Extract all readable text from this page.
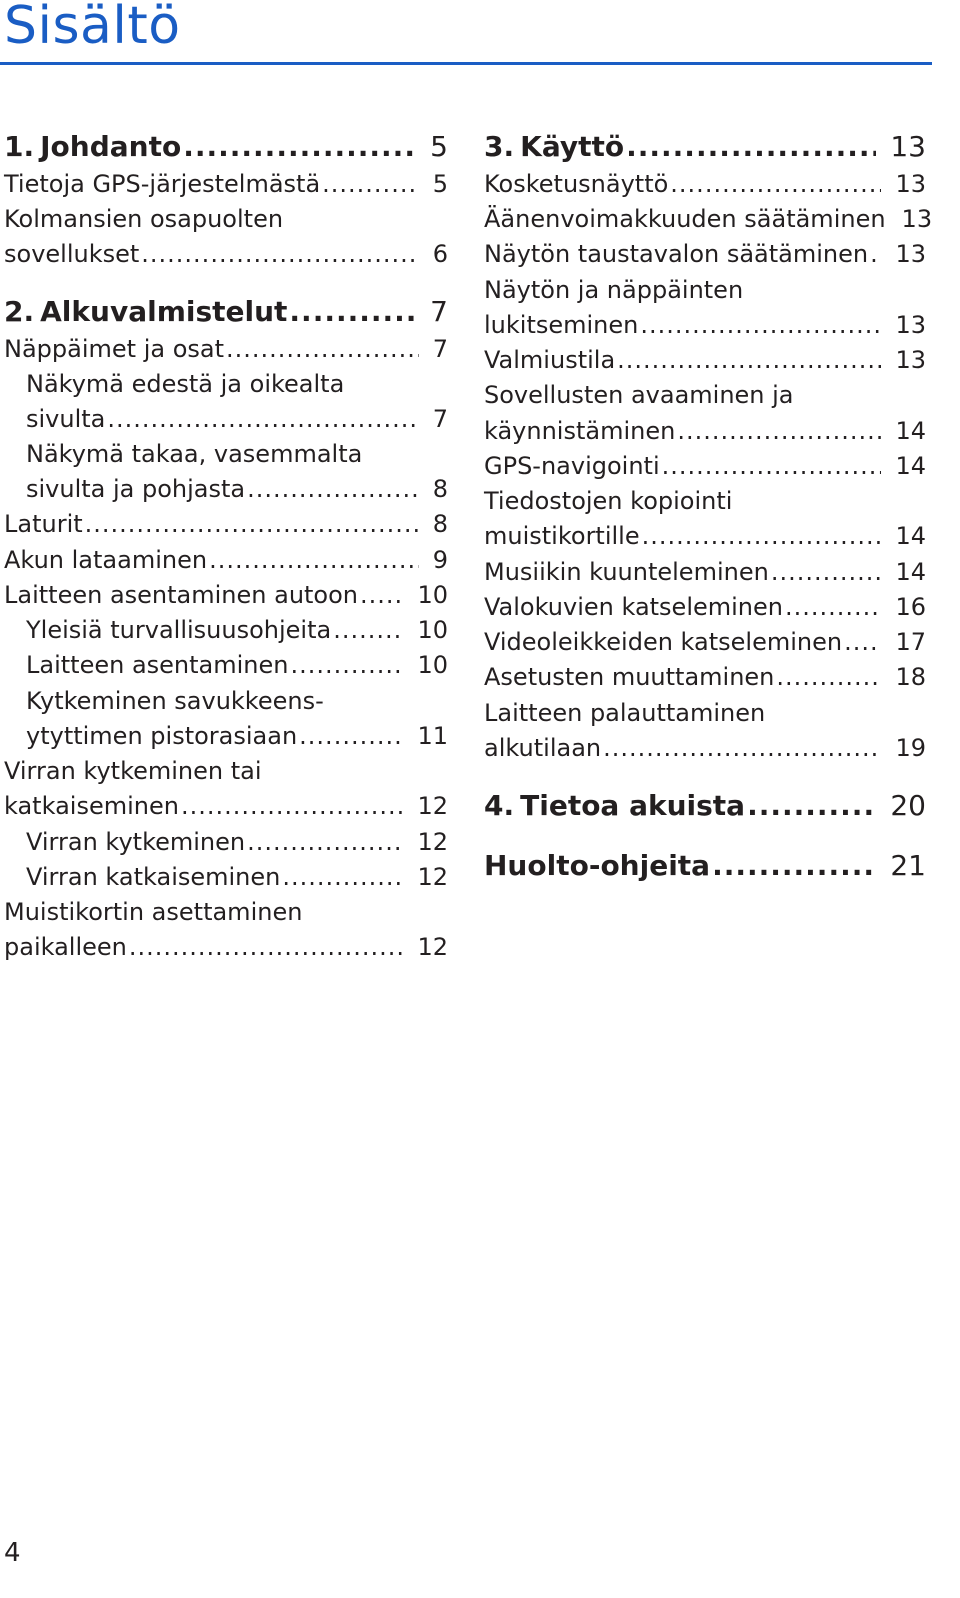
Sisältö
1. Johdanto .....	5
Tietoja GPS-järjestelmästä .....	5
Kolmansien osapuolten
sovellukset .....	6
2. Alkuvalmistelut .....	7
Näppäimet ja osat .....	7
Näkymä edestä ja oikealta
sivulta .....	7
Näkymä takaa, vasemmalta
sivulta ja pohjasta .....	8
Laturit .....	8
Akun lataaminen .....	9
Laitteen asentaminen autoon ..... 10
Yleisiä turvallisuusohjeita .....	10
Laitteen asentaminen .....	10
Kytkeminen savukkeens-
ytyttimen pistorasiaan .....	11
Virran kytkeminen tai
katkaiseminen .....	12
Virran kytkeminen .....	12
Virran katkaiseminen .....	12
Muistikortin asettaminen
paikalleen .....	12
3. Käyttö .....	13
Kosketusnäyttö .....	13
Äänenvoimakkuuden säätäminen 13
Näytön taustavalon säätäminen ..... 13
Näytön ja näppäinten
lukitseminen .....	13
Valmiustila .....	13
Sovellusten avaaminen ja
käynnistäminen .....	14
GPS-navigointi .....	14
Tiedostojen kopiointi
muistikortille .....	14
Musiikin kuunteleminen .....	14
Valokuvien katseleminen .....	16
Videoleikkeiden katseleminen ..... 17
Asetusten muuttaminen .....	18
Laitteen palauttaminen
alkutilaan .....	19
4. Tietoa akuista .....	20
Huolto-ohjeita .....	21
4
